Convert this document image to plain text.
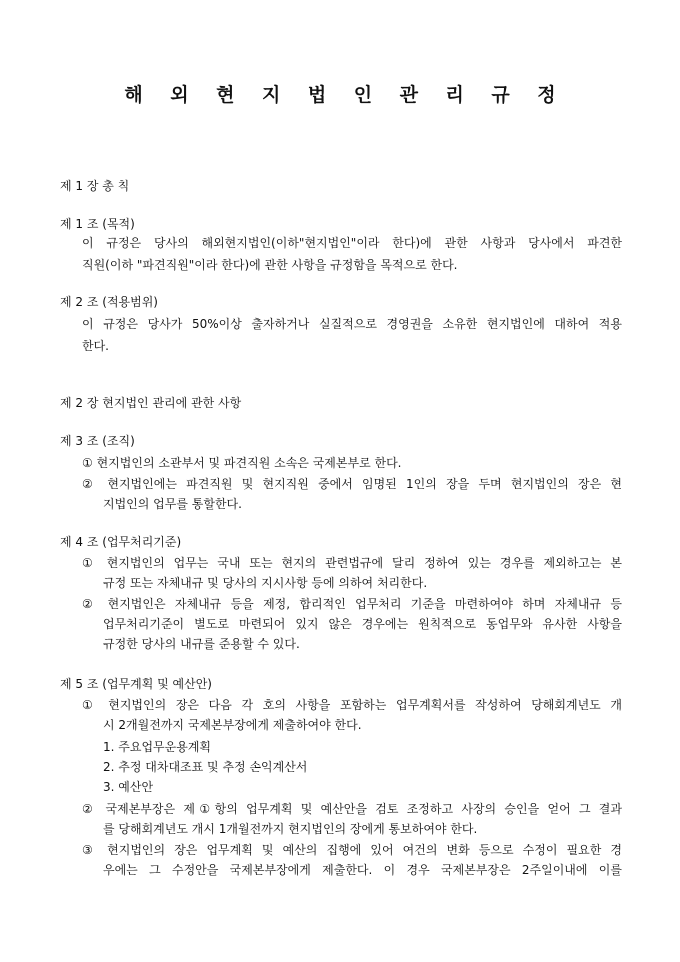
해 외 현 지 법 인 관 리 규 정
제 1 장 총 칙
제 1 조 (목적)
이 규정은 당사의 해외현지법인(이하"현지법인"이라 한다)에 관한 사항과 당사에서 파견한
직원(이하 "파견직원"이라 한다)에 관한 사항을 규정함을 목적으로 한다.
제 2 조 (적용범위)
이 규정은 당사가 50%이상 출자하거나 실질적으로 경영권을 소유한 현지법인에 대하여 적용
한다.
제 2 장 현지법인 관리에 관한 사항
제 3 조 (조직)
① 현지법인의 소관부서 및 파견직원 소속은 국제본부로 한다.
② 현지법인에는 파견직원 및 현지직원 중에서 임명된 1인의 장을 두며 현지법인의 장은 현
지법인의 업무를 통할한다.
제 4 조 (업무처리기준)
① 현지법인의 업무는 국내 또는 현지의 관련법규에 달리 정하여 있는 경우를 제외하고는 본
규정 또는 자체내규 및 당사의 지시사항 등에 의하여 처리한다.
② 현지법인은 자체내규 등을 제정, 합리적인 업무처리 기준을 마련하여야 하며 자체내규 등
업무처리기준이 별도로 마련되어 있지 않은 경우에는 원칙적으로 동업무와 유사한 사항을
규정한 당사의 내규를 준용할 수 있다.
제 5 조 (업무계획 및 예산안)
① 현지법인의 장은 다음 각 호의 사항을 포함하는 업무계획서를 작성하여 당해회계년도 개
시 2개월전까지 국제본부장에게 제출하여야 한다.
1. 주요업무운용계획
2. 추정 대차대조표 및 추정 손익계산서
3. 예산안
② 국제본부장은 제①항의 업무계획 및 예산안을 검토 조정하고 사장의 승인을 얻어 그 결과
를 당해회계년도 개시 1개월전까지 현지법인의 장에게 통보하여야 한다.
③ 현지법인의 장은 업무계획 및 예산의 집행에 있어 여건의 변화 등으로 수정이 필요한 경
우에는 그 수정안을 국제본부장에게 제출한다. 이 경우 국제본부장은 2주일이내에 이를
